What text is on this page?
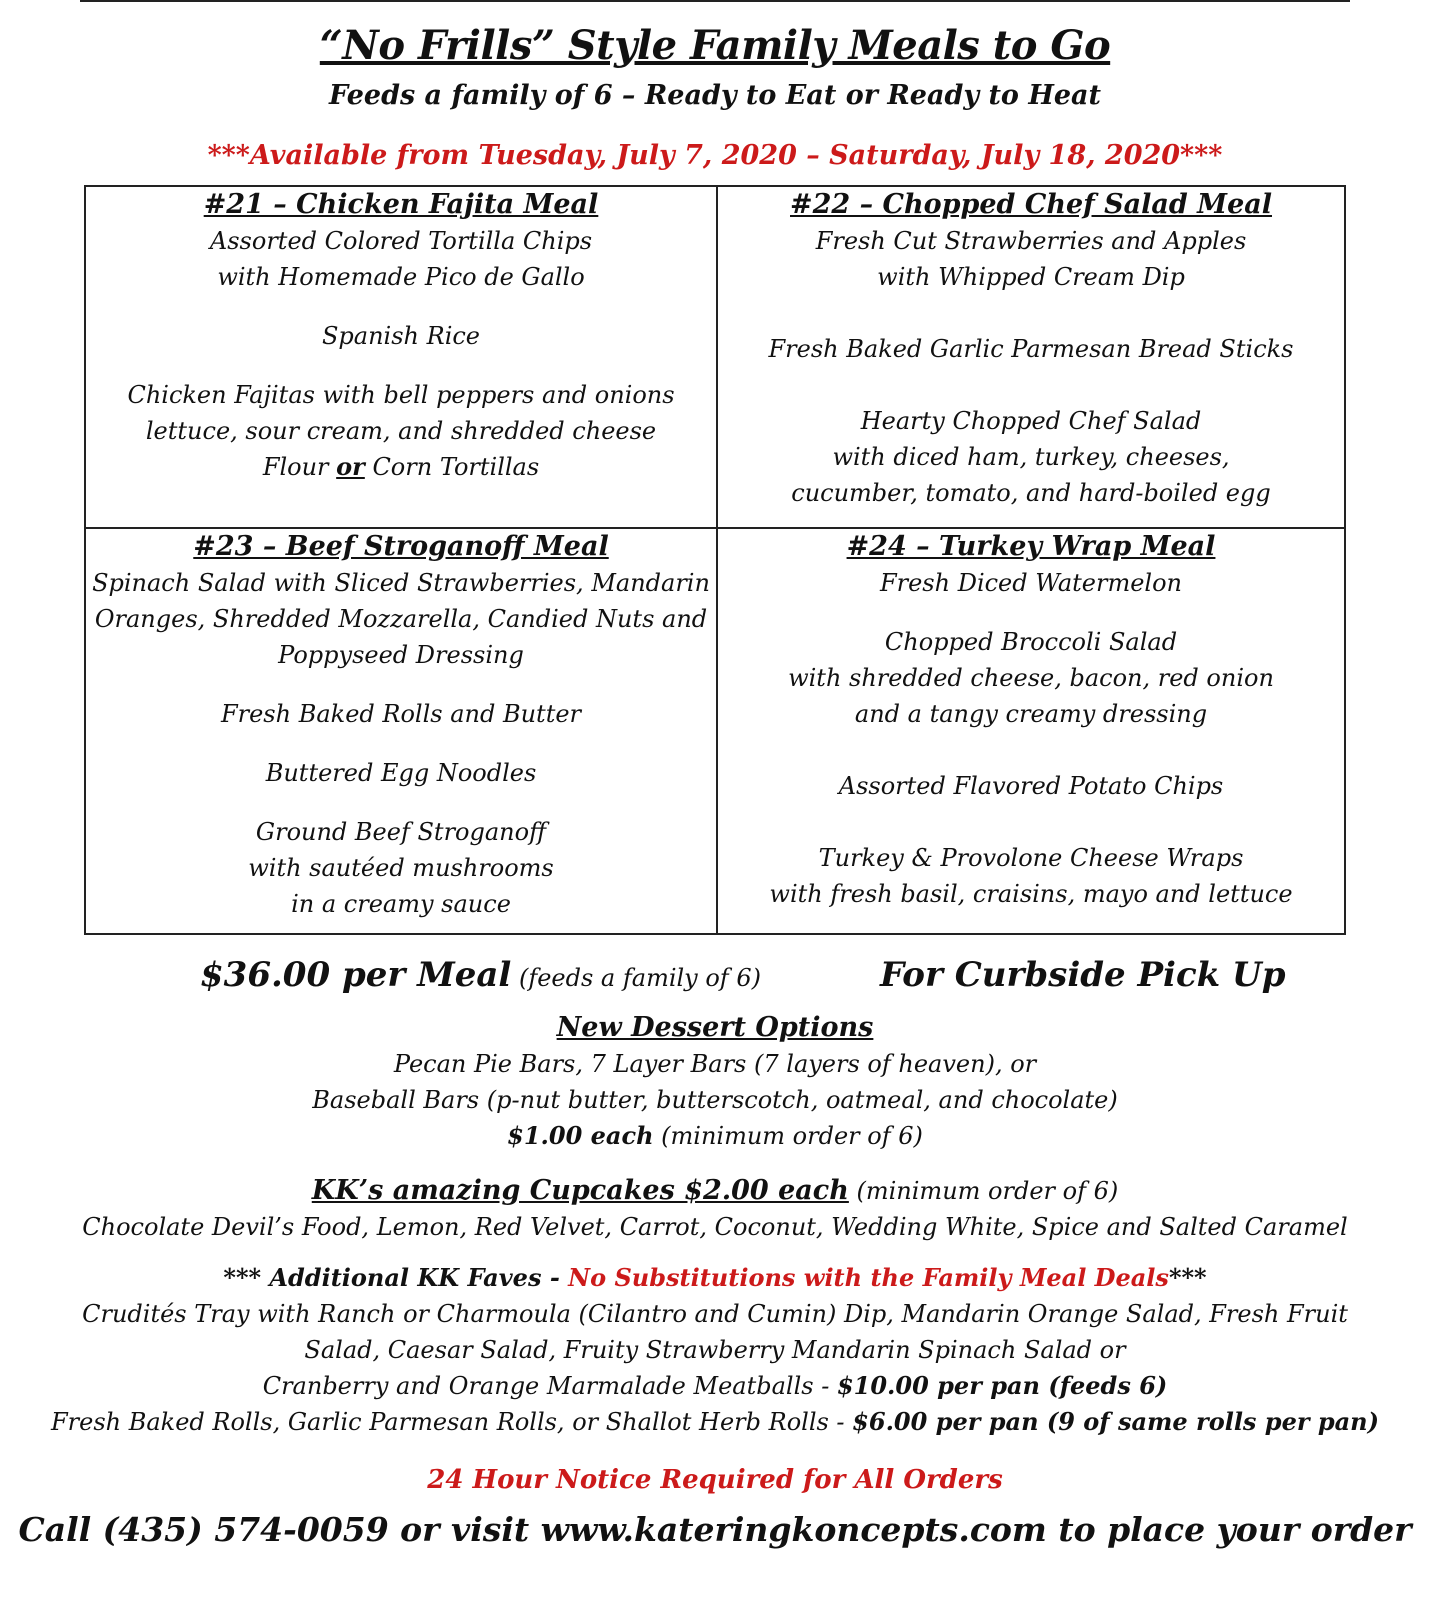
“No Frills” Style Family Meals to Go
Feeds a family of 6 – Ready to Eat or Ready to Heat
***Available from Tuesday, July 7, 2020 – Saturday, July 18, 2020***
#21 – Chicken Fajita Meal
Assorted Colored Tortilla Chips
with Homemade Pico de Gallo
Spanish Rice
Chicken Fajitas with bell peppers and onions
lettuce, sour cream, and shredded cheese
Flour or Corn Tortillas
#22 – Chopped Chef Salad Meal
Fresh Cut Strawberries and Apples
with Whipped Cream Dip
Fresh Baked Garlic Parmesan Bread Sticks
Hearty Chopped Chef Salad
with diced ham, turkey, cheeses,
cucumber, tomato, and hard-boiled egg
#23 – Beef Stroganoff Meal
Spinach Salad with Sliced Strawberries, Mandarin
Oranges, Shredded Mozzarella, Candied Nuts and
Poppyseed Dressing
Fresh Baked Rolls and Butter
Buttered Egg Noodles
Ground Beef Stroganoff
with sautéed mushrooms
in a creamy sauce
#24 – Turkey Wrap Meal
Fresh Diced Watermelon
Chopped Broccoli Salad
with shredded cheese, bacon, red onion
and a tangy creamy dressing
Assorted Flavored Potato Chips
Turkey & Provolone Cheese Wraps
with fresh basil, craisins, mayo and lettuce
$36.00 per Meal (feeds a family of 6)	For Curbside Pick Up
New Dessert Options
Pecan Pie Bars, 7 Layer Bars (7 layers of heaven), or
Baseball Bars (p-nut butter, butterscotch, oatmeal, and chocolate)
$1.00 each (minimum order of 6)
KK’s amazing Cupcakes $2.00 each (minimum order of 6)
Chocolate Devil’s Food, Lemon, Red Velvet, Carrot, Coconut, Wedding White, Spice and Salted Caramel
*** Additional KK Faves - No Substitutions with the Family Meal Deals***
Crudités Tray with Ranch or Charmoula (Cilantro and Cumin) Dip, Mandarin Orange Salad, Fresh Fruit
Salad, Caesar Salad, Fruity Strawberry Mandarin Spinach Salad or
Cranberry and Orange Marmalade Meatballs - $10.00 per pan (feeds 6)
Fresh Baked Rolls, Garlic Parmesan Rolls, or Shallot Herb Rolls - $6.00 per pan (9 of same rolls per pan)
24 Hour Notice Required for All Orders
Call (435) 574-0059 or visit www.kateringkoncepts.com to place your order
